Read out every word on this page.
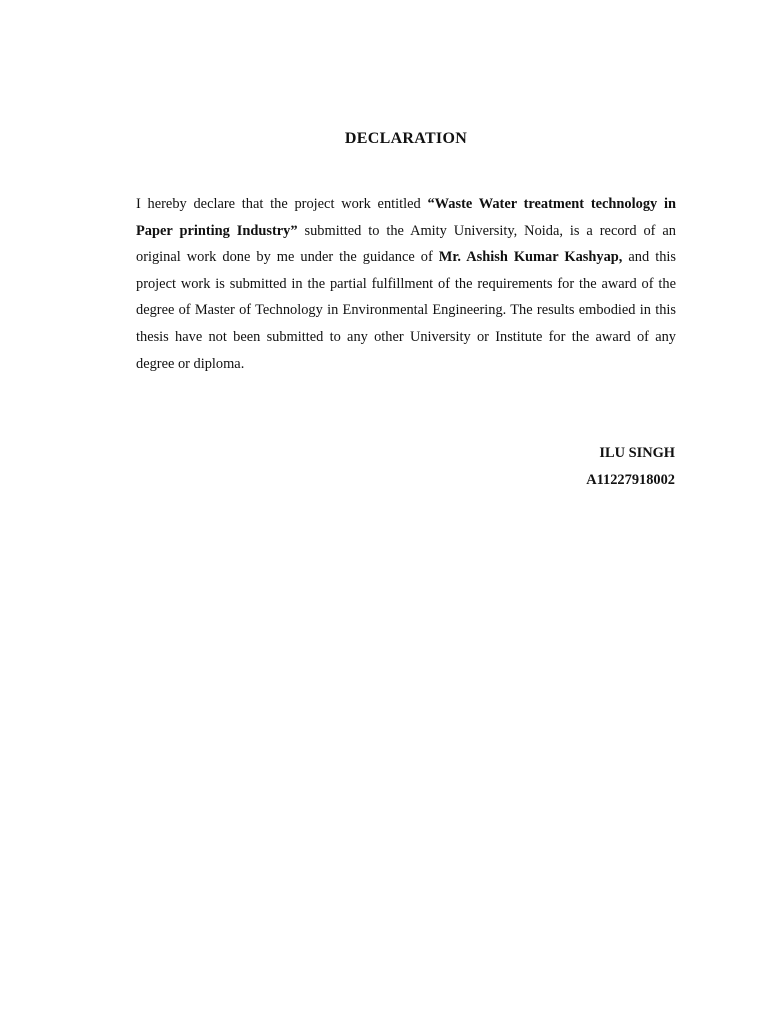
DECLARATION

I hereby declare that the project work entitled “Waste Water treatment technology in Paper printing Industry” submitted to the Amity University, Noida, is a record of an original work done by me under the guidance of Mr. Ashish Kumar Kashyap, and this project work is submitted in the partial fulfillment of the requirements for the award of the degree of Master of Technology in Environmental Engineering. The results embodied in this thesis have not been submitted to any other University or Institute for the award of any degree or diploma.

ILU SINGH
A11227918002
